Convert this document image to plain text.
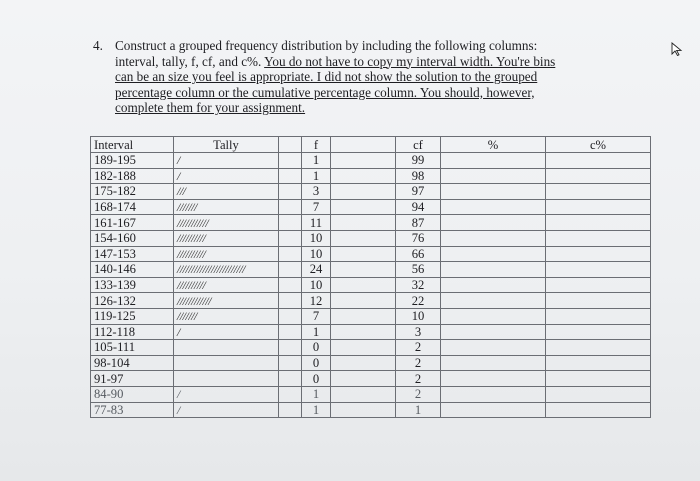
4. Construct a grouped frequency distribution by including the following columns:
interval, tally, f, cf, and c%. You do not have to copy my interval width. You're bins
can be an size you feel is appropriate. I did not show the solution to the grouped
percentage column or the cumulative percentage column. You should, however,
complete them for your assignment.
Interval	Tally		f		cf	%	c%
189-195	/		1		99		
182-188	/		1		98		
175-182	///		3		97		
168-174	///////		7		94		
161-167	///////////		11		87		
154-160	//////////		10		76		
147-153	//////////		10		66		
140-146	////////////////////////		24		56		
133-139	//////////		10		32		
126-132	////////////		12		22		
119-125	///////		7		10		
112-118	/		1		3		
105-111			0		2		
98-104			0		2		
91-97			0		2		
84-90	/		1		2		
77-83	/		1		1		
